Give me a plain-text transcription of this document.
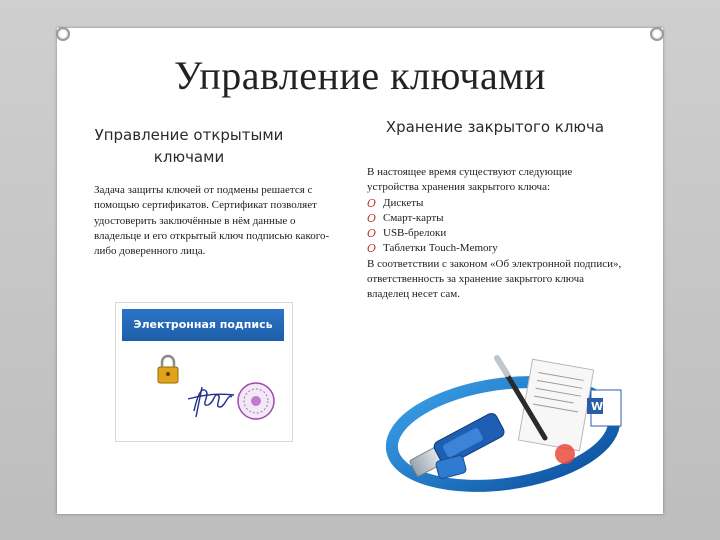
Управление ключами
Управление открытыми ключами
Задача защиты ключей от подмены решается с помощью сертификатов. Сертификат позволяет удостоверить заключённые в нём данные о владельце и его открытый ключ подписью какого-либо доверенного лица.
Электронная подпись
Хранение закрытого ключа
В настоящее время существуют следующие устройства хранения закрытого ключа:
O Дискеты
O Смарт-карты
O USB-брелоки
O Таблетки Touch-Memory
В соответствии с законом «Об электронной подписи», ответственность за хранение закрытого ключа владелец несет сам.
W
